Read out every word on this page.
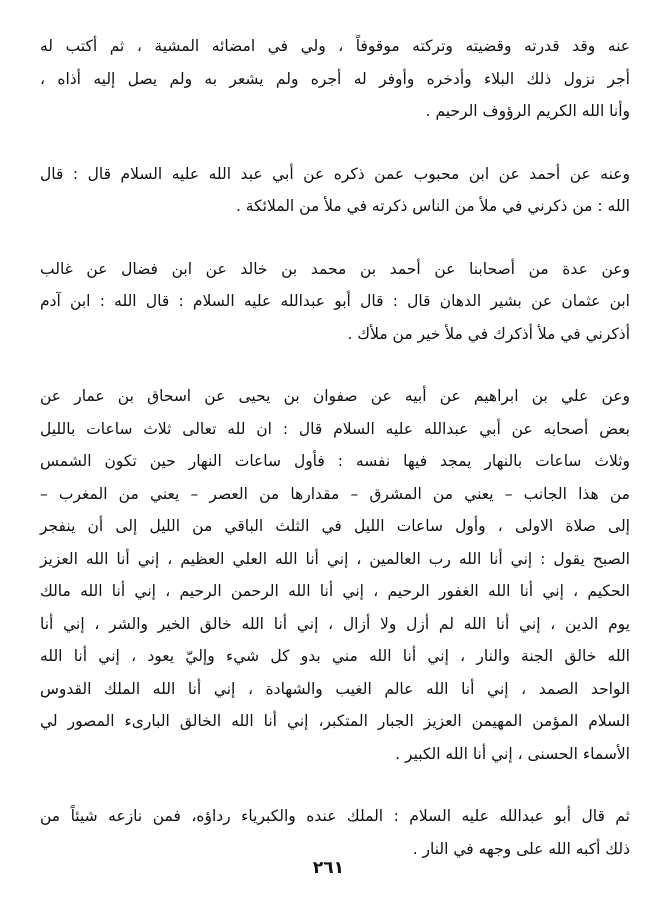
عنه وقد قدرته وقضيته وتركته موقوفاً ، ولي في امضائه المشية ، ثم أكتب له
أجر نزول ذلك البلاء وأدخره وأوفر له أجره ولم يشعر به ولم يصل إليه أذاه ،
وأنا الله الكريم الرؤوف الرحيم .
وعنه عن أحمد عن ابن محبوب عمن ذكره عن أبي عبد الله عليه السلام قال : قال
الله : من ذكرني في ملأ من الناس ذكرته في ملأ من الملائكة .
وعن عدة من أصحابنا عن أحمد بن محمد بن خالد عن ابن فضال عن غالب
ابن عثمان عن بشير الدهان قال : قال أبو عبدالله عليه السلام : قال الله : ابن آدم
أذكرني في ملأ أذكرك في ملأ خير من ملأك .
وعن علي بن ابراهيم عن أبيه عن صفوان بن يحيى عن اسحاق بن عمار عن
بعض أصحابه عن أبي عبدالله عليه السلام قال : ان لله تعالى ثلاث ساعات بالليل
وثلاث ساعات بالنهار يمجد فيها نفسه : فأول ساعات النهار حين تكون الشمس
من هذا الجانب – يعني من المشرق – مقدارها من العصر – يعني من المغرب –
إلى صلاة الاولى ، وأول ساعات الليل في الثلث الباقي من الليل إلى أن ينفجر
الصبح يقول : إني أنا الله رب العالمين ، إني أنا الله العلي العظيم ، إني أنا الله العزيز
الحكيم ، إني أنا الله الغفور الرحيم ، إني أنا الله الرحمن الرحيم ، إني أنا الله مالك
يوم الدين ، إني أنا الله لم أزل ولا أزال ، إني أنا الله خالق الخير والشر ، إني أنا
الله خالق الجنة والنار ، إني أنا الله مني بدو كل شيء وإليّ يعود ، إني أنا الله
الواحد الصمد ، إني أنا الله عالم الغيب والشهادة ، إني أنا الله الملك القدوس
السلام المؤمن المهيمن العزيز الجبار المتكبر، إني أنا الله الخالق البارىء المصور لي
الأسماء الحسنى ، إني أنا الله الكبير .
ثم قال أبو عبدالله عليه السلام : الملك عنده والكبرياء رداؤه، فمن نازعه شيئاً من
ذلك أكبه الله على وجهه في النار .
٢٦١
